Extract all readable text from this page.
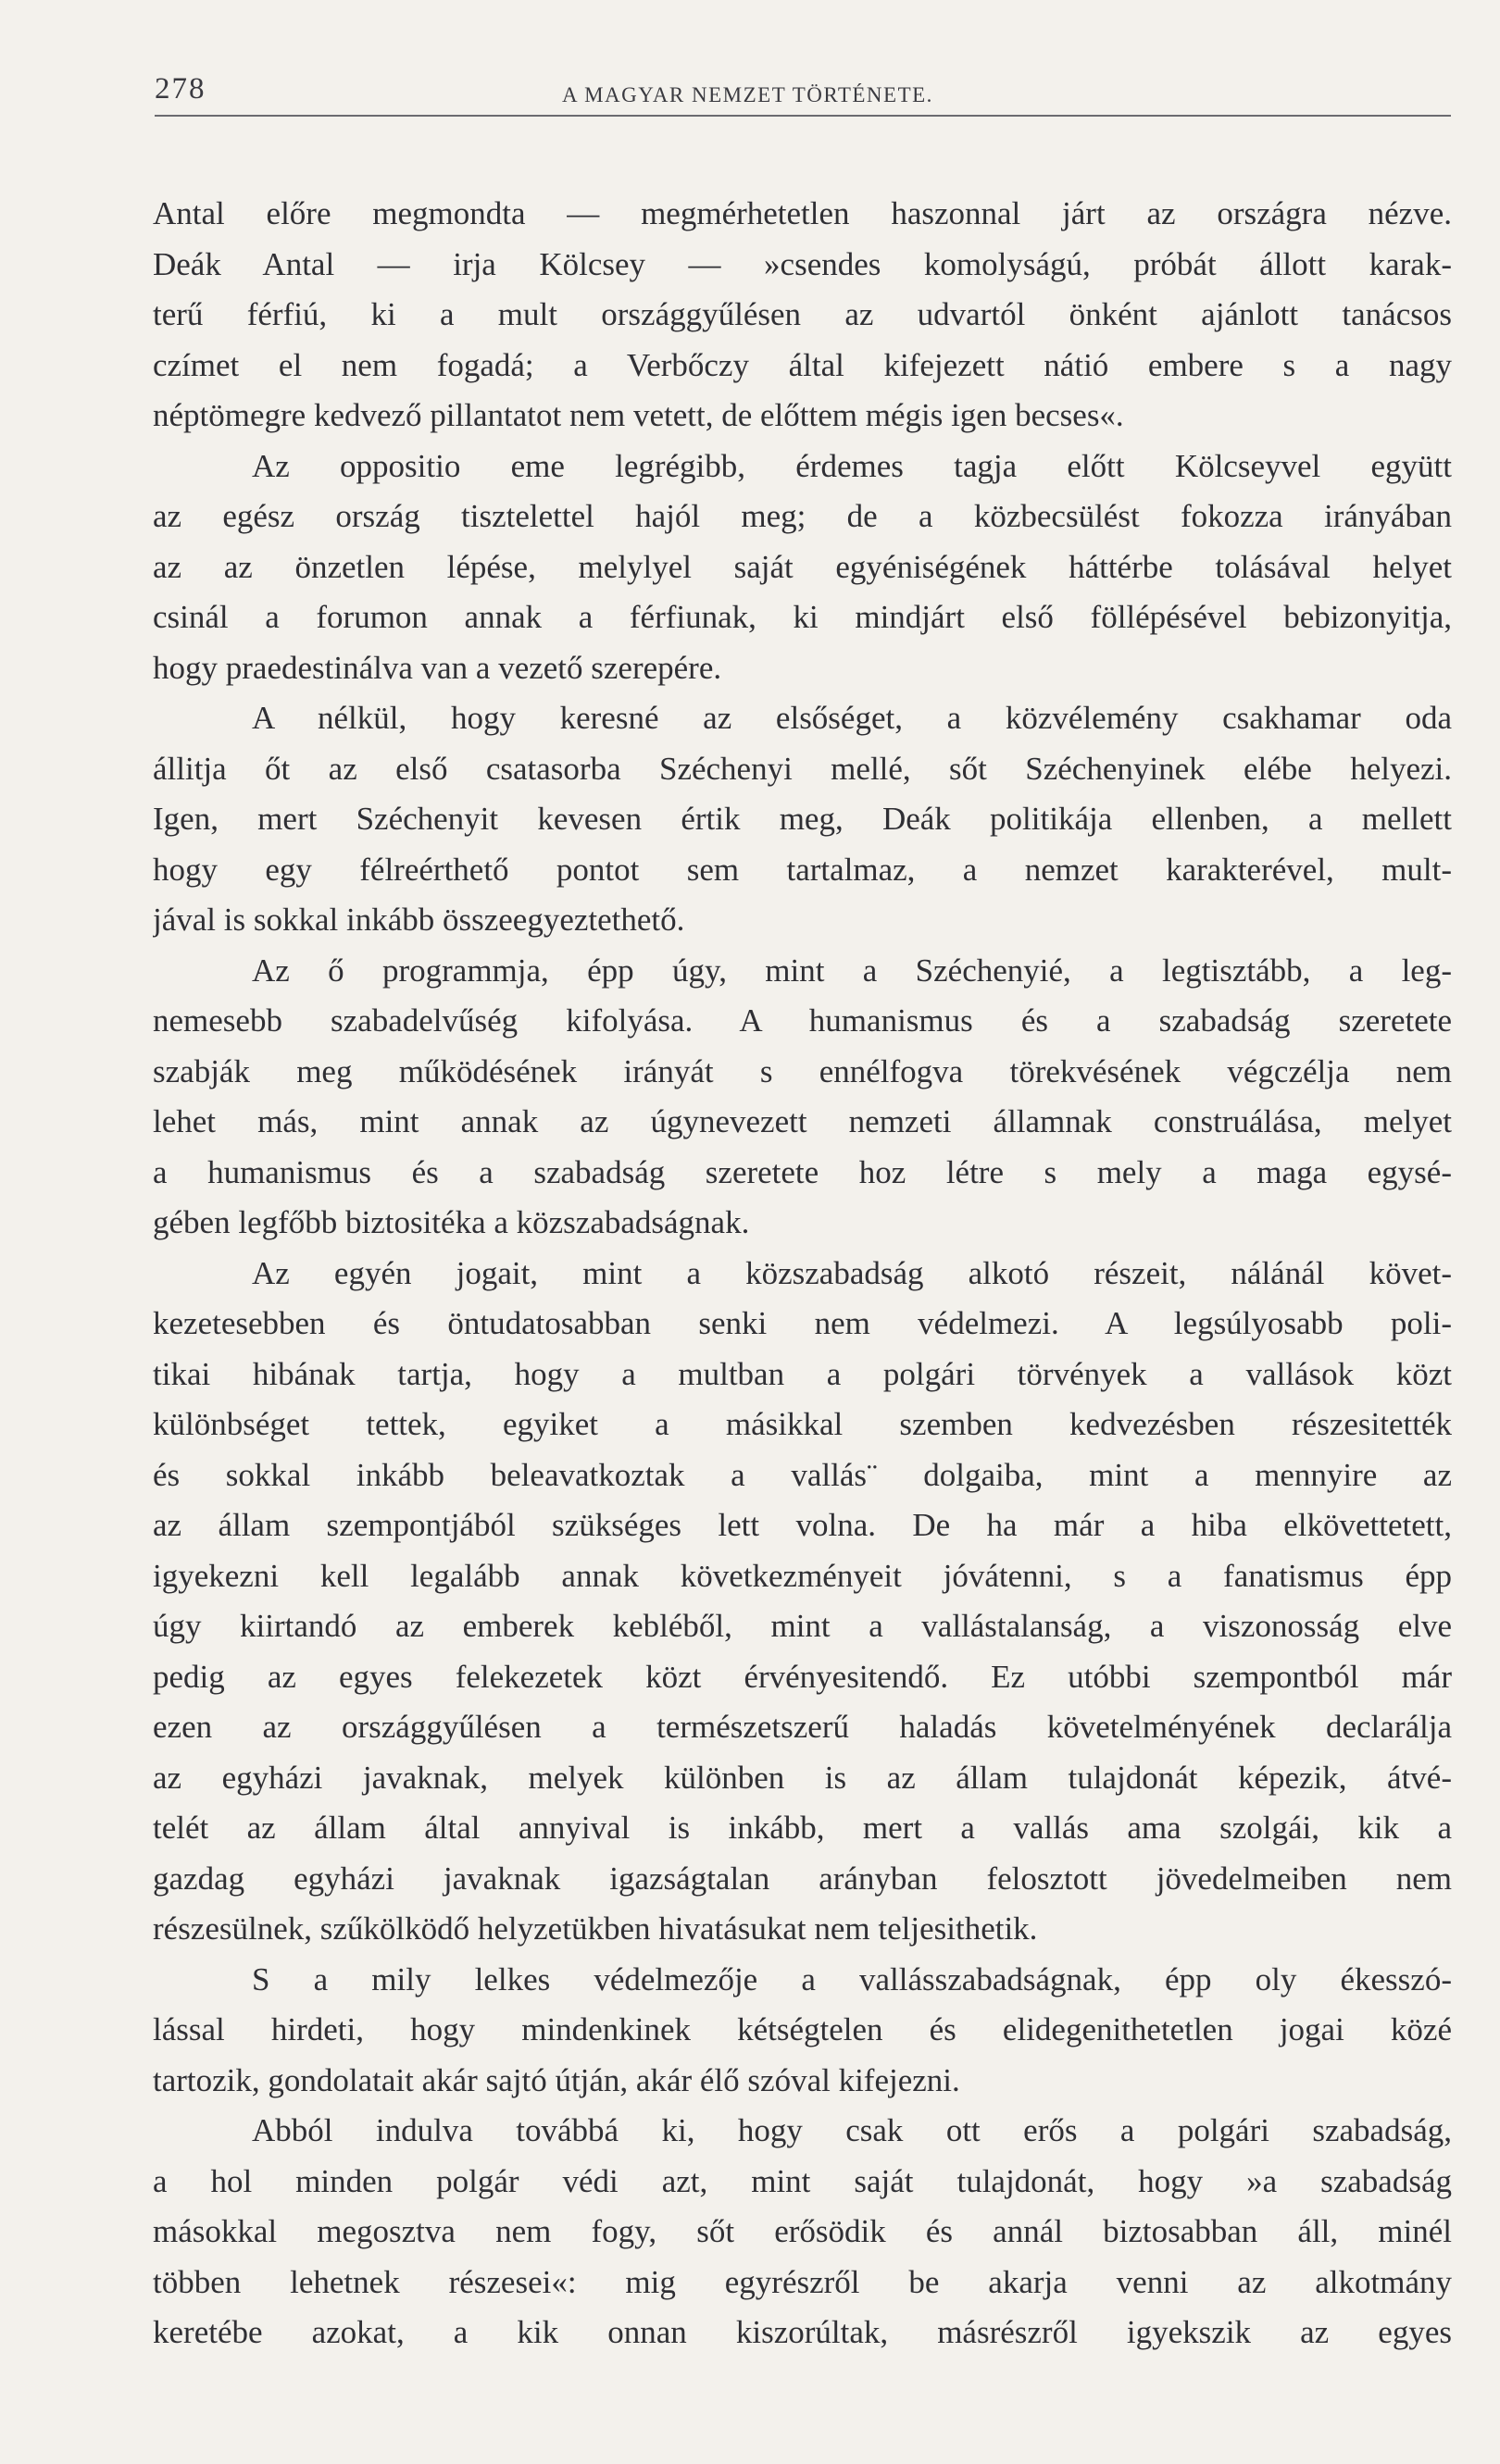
278	A MAGYAR NEMZET TÖRTÉNETE.
Antal előre megmondta — megmérhetetlen haszonnal járt az országra nézve.
Deák Antal — irja Kölcsey — »csendes komolyságú, próbát állott karak-
terű férfiú, ki a mult országgyűlésen az udvartól önként ajánlott tanácsos
czímet el nem fogadá; a Verbőczy által kifejezett nátió embere s a nagy
néptömegre kedvező pillantatot nem vetett, de előttem mégis igen becses«.
Az oppositio eme legrégibb, érdemes tagja előtt Kölcseyvel együtt
az egész ország tisztelettel hajól meg; de a közbecsülést fokozza irányában
az az önzetlen lépése, melylyel saját egyéniségének háttérbe tolásával helyet
csinál a forumon annak a férfiunak, ki mindjárt első föllépésével bebizonyitja,
hogy praedestinálva van a vezető szerepére.
A nélkül, hogy keresné az elsőséget, a közvélemény csakhamar oda
állitja őt az első csatasorba Széchenyi mellé, sőt Széchenyinek elébe helyezi.
Igen, mert Széchenyit kevesen értik meg, Deák politikája ellenben, a mellett
hogy egy félreérthető pontot sem tartalmaz, a nemzet karakterével, mult-
jával is sokkal inkább összeegyeztethető.
Az ő programmja, épp úgy, mint a Széchenyié, a legtisztább, a leg-
nemesebb szabadelvűség kifolyása. A humanismus és a szabadság szeretete
szabják meg működésének irányát s ennélfogva törekvésének végczélja nem
lehet más, mint annak az úgynevezett nemzeti államnak construálása, melyet
a humanismus és a szabadság szeretete hoz létre s mely a maga egysé-
gében legfőbb biztositéka a közszabadságnak.
Az egyén jogait, mint a közszabadság alkotó részeit, nálánál követ-
kezetesebben és öntudatosabban senki nem védelmezi. A legsúlyosabb poli-
tikai hibának tartja, hogy a multban a polgári törvények a vallások közt
különbséget tettek, egyiket a másikkal szemben kedvezésben részesitették
és sokkal inkább beleavatkoztak a vallás¨ dolgaiba, mint a mennyire az
az állam szempontjából szükséges lett volna. De ha már a hiba elkövettetett,
igyekezni kell legalább annak következményeit jóvátenni, s a fanatismus épp
úgy kiirtandó az emberek kebléből, mint a vallástalanság, a viszonosság elve
pedig az egyes felekezetek közt érvényesitendő. Ez utóbbi szempontból már
ezen az országgyűlésen a természetszerű haladás követelményének declarálja
az egyházi javaknak, melyek különben is az állam tulajdonát képezik, átvé-
telét az állam által annyival is inkább, mert a vallás ama szolgái, kik a
gazdag egyházi javaknak igazságtalan arányban felosztott jövedelmeiben nem
részesülnek, szűkölködő helyzetükben hivatásukat nem teljesithetik.
S a mily lelkes védelmezője a vallásszabadságnak, épp oly ékesszó-
lással hirdeti, hogy mindenkinek kétségtelen és elidegenithetetlen jogai közé
tartozik, gondolatait akár sajtó útján, akár élő szóval kifejezni.
Abból indulva továbbá ki, hogy csak ott erős a polgári szabadság,
a hol minden polgár védi azt, mint saját tulajdonát, hogy »a szabadság
másokkal megosztva nem fogy, sőt erősödik és annál biztosabban áll, minél
többen lehetnek részesei«: mig egyrészről be akarja venni az alkotmány
keretébe azokat, a kik onnan kiszorúltak, másrészről igyekszik az egyes
